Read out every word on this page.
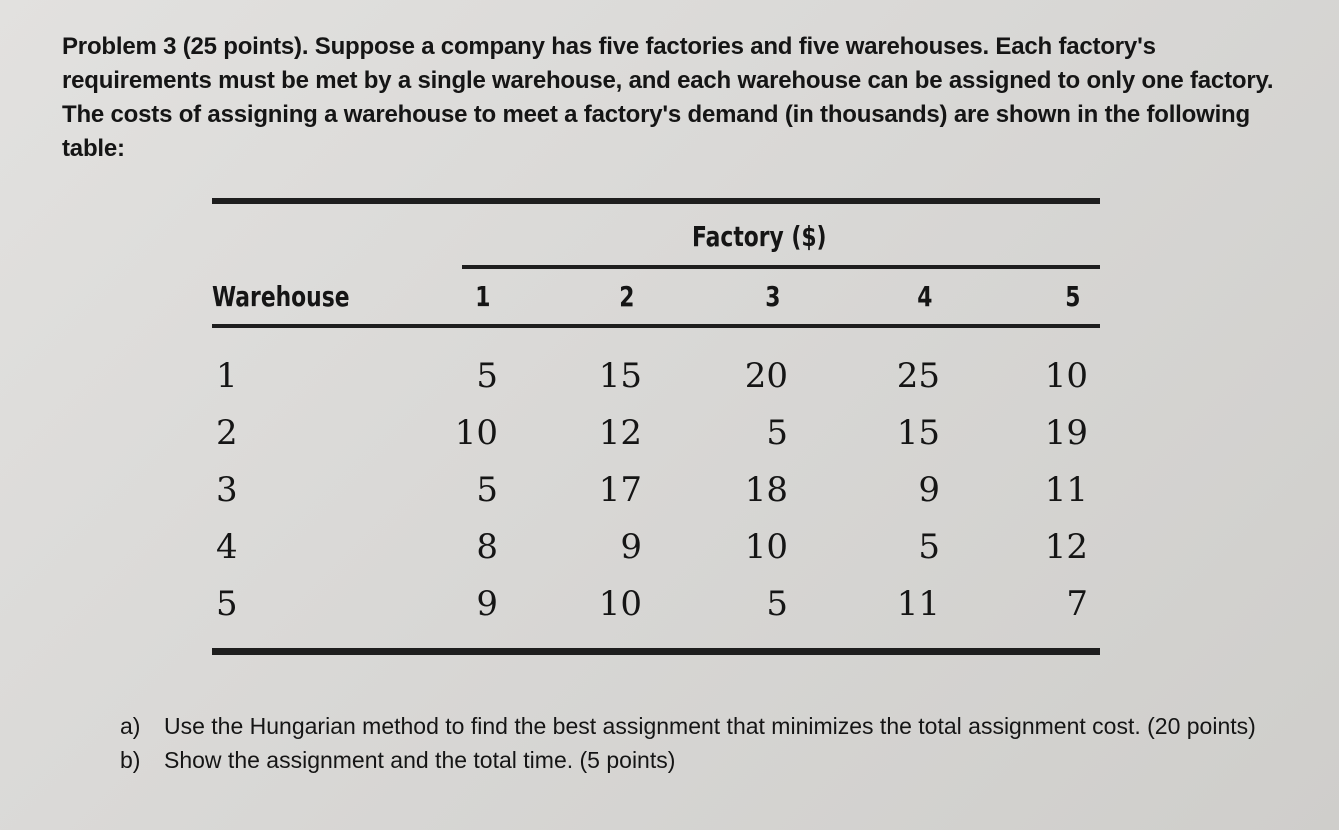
Problem 3 (25 points). Suppose a company has five factories and five warehouses. Each factory's requirements must be met by a single warehouse, and each warehouse can be assigned to only one factory. The costs of assigning a warehouse to meet a factory's demand (in thousands) are shown in the following table:
Factory ($)
Warehouse	1	2	3	4	5
1	5	15	20	25	10
2	10	12	5	15	19
3	5	17	18	9	11
4	8	9	10	5	12
5	9	10	5	11	7
a) Use the Hungarian method to find the best assignment that minimizes the total assignment cost. (20 points)
b) Show the assignment and the total time. (5 points)
